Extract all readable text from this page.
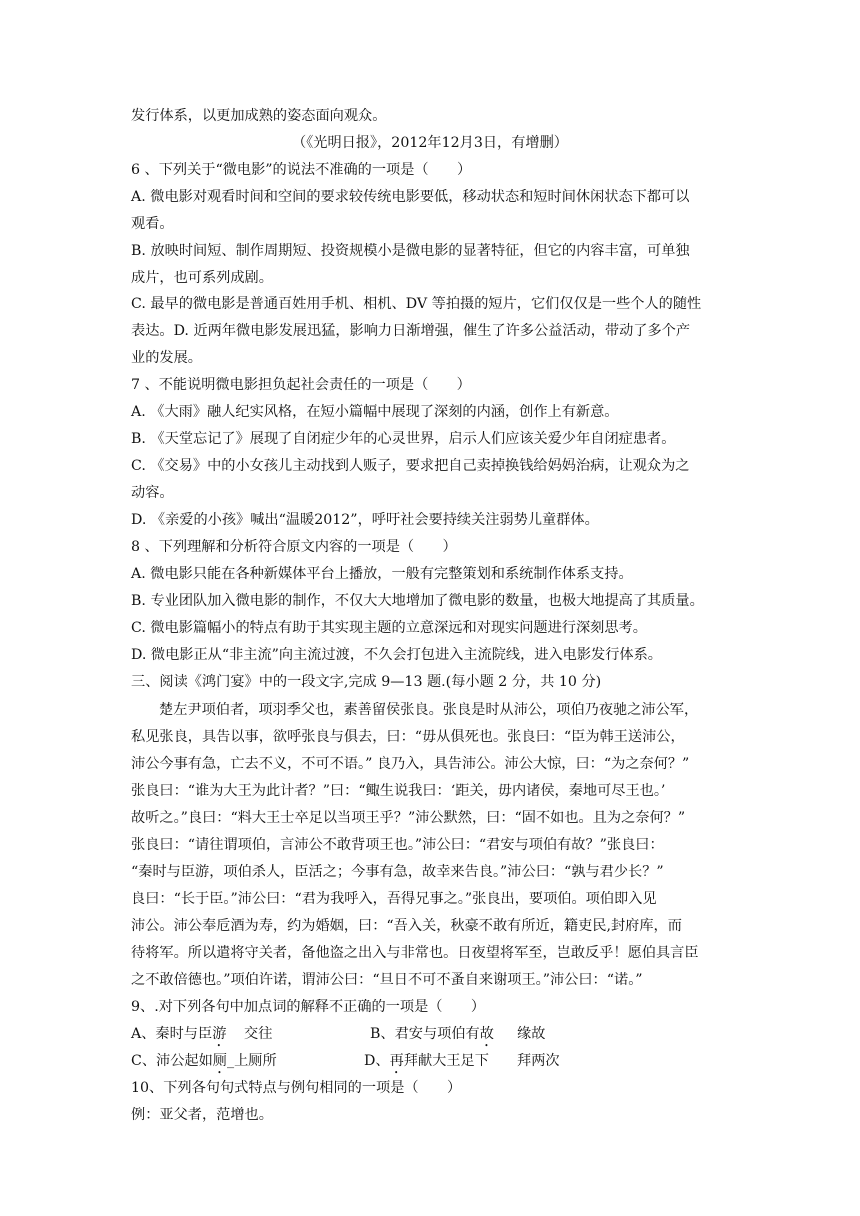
发行体系，以更加成熟的姿态面向观众。
（《光明日报》，2012年12月3日，有增删）
6 、下列关于“微电影”的说法不准确的一项是（　　）
A. 微电影对观看时间和空间的要求较传统电影要低，移动状态和短时间休闲状态下都可以
观看。
B. 放映时间短、制作周期短、投资规模小是微电影的显著特征，但它的内容丰富，可单独
成片，也可系列成剧。
C. 最早的微电影是普通百姓用手机、相机、DV 等拍摄的短片，它们仅仅是一些个人的随性
表达。D. 近两年微电影发展迅猛，影响力日渐增强，催生了许多公益活动，带动了多个产
业的发展。
7 、不能说明微电影担负起社会责任的一项是（　　）
A. 《大雨》融人纪实风格，在短小篇幅中展现了深刻的内涵，创作上有新意。
B. 《天堂忘记了》展现了自闭症少年的心灵世界，启示人们应该关爱少年自闭症患者。
C. 《交易》中的小女孩儿主动找到人贩子，要求把自己卖掉换钱给妈妈治病，让观众为之
动容。
D. 《亲爱的小孩》喊出“温暖2012”，呼吁社会要持续关注弱势儿童群体。
8 、下列理解和分析符合原文内容的一项是（　　）
A. 微电影只能在各种新媒体平台上播放，一般有完整策划和系统制作体系支持。
B. 专业团队加入微电影的制作，不仅大大地增加了微电影的数量，也极大地提高了其质量。
C. 微电影篇幅小的特点有助于其实现主题的立意深远和对现实问题进行深刻思考。
D. 微电影正从“非主流”向主流过渡，不久会打包进入主流院线，进入电影发行体系。
三、阅读《鸿门宴》中的一段文字,完成 9—13 题.(每小题 2 分，共 10 分)
楚左尹项伯者，项羽季父也，素善留侯张良。张良是时从沛公，项伯乃夜驰之沛公军，
私见张良，具告以事，欲呼张良与俱去，曰：“毋从俱死也。张良曰：“臣为韩王送沛公，
沛公今事有急，亡去不义，不可不语。” 良乃入，具告沛公。沛公大惊，曰：“为之奈何？”
张良曰：“谁为大王为此计者？”曰：“鲰生说我曰：‘距关，毋内诸侯，秦地可尽王也。’
故听之。”良曰：“料大王士卒足以当项王乎？”沛公默然，曰：“固不如也。且为之奈何？”
张良曰：“请往谓项伯，言沛公不敢背项王也。”沛公曰：“君安与项伯有故？”张良曰：
“秦时与臣游，项伯杀人，臣活之；今事有急，故幸来告良。”沛公曰：“孰与君少长？”
良曰：“长于臣。”沛公曰：“君为我呼入，吾得兄事之。”张良出，要项伯。项伯即入见
沛公。沛公奉卮酒为寿，约为婚姻，曰：“吾入关，秋豪不敢有所近，籍吏民,封府库，而
待将军。所以遣将守关者，备他盗之出入与非常也。日夜望将军至，岂敢反乎！愿伯具言臣
之不敢倍德也。”项伯许诺，谓沛公曰：“旦日不可不蚤自来谢项王。”沛公曰：“诺。”
9、.对下列各句中加点词的解释不正确的一项是（　　）
A、秦时与臣游 交往	B、君安与项伯有故 缘故
C、沛公起如厕_上厕所	D、再拜献大王足下 拜两次
10、下列各句句式特点与例句相同的一项是（　　）
例：亚父者，范增也。
